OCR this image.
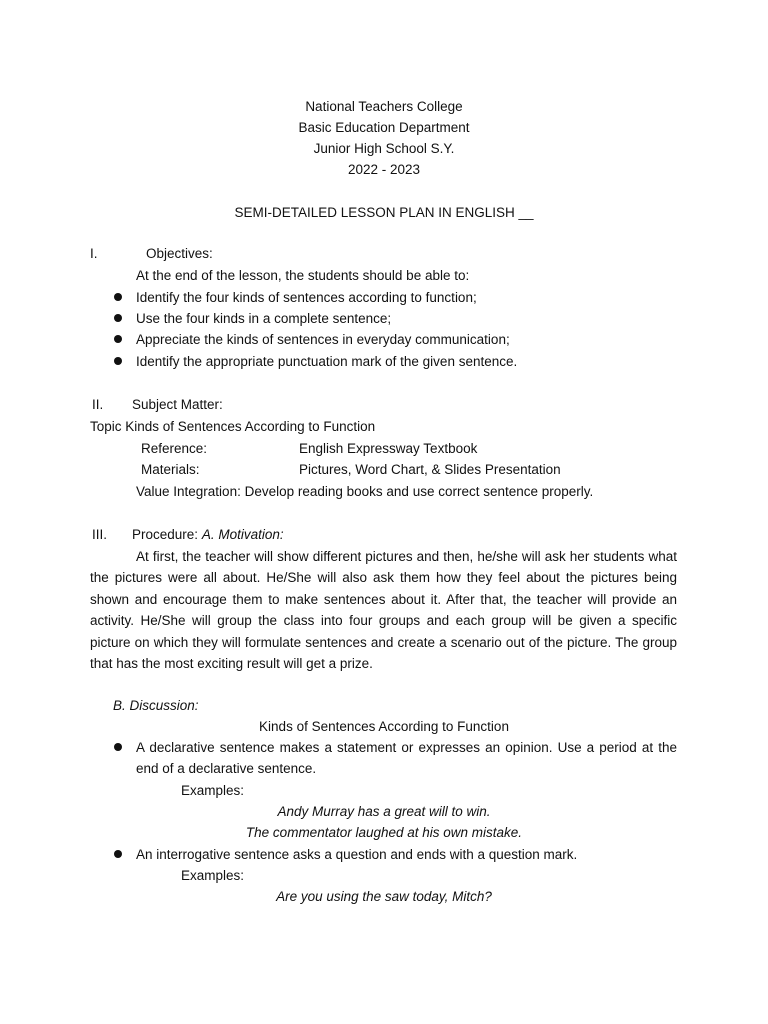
National Teachers College
Basic Education Department
Junior High School S.Y.
2022 - 2023
SEMI-DETAILED LESSON PLAN IN ENGLISH __
I.	Objectives:
At the end of the lesson, the students should be able to:
Identify the four kinds of sentences according to function;
Use the four kinds in a complete sentence;
Appreciate the kinds of sentences in everyday communication;
Identify the appropriate punctuation mark of the given sentence.
II. Subject Matter:
Topic Kinds of Sentences According to Function
Reference:	English Expressway Textbook
Materials:	Pictures, Word Chart, & Slides Presentation
Value Integration: Develop reading books and use correct sentence properly.
III. Procedure: A. Motivation:
At first, the teacher will show different pictures and then, he/she will ask her students what the pictures were all about. He/She will also ask them how they feel about the pictures being shown and encourage them to make sentences about it. After that, the teacher will provide an activity. He/She will group the class into four groups and each group will be given a specific picture on which they will formulate sentences and create a scenario out of the picture. The group that has the most exciting result will get a prize.
B. Discussion:
Kinds of Sentences According to Function
A declarative sentence makes a statement or expresses an opinion. Use a period at the end of a declarative sentence.
Examples:
Andy Murray has a great will to win.
The commentator laughed at his own mistake.
An interrogative sentence asks a question and ends with a question mark.
Examples:
Are you using the saw today, Mitch?
